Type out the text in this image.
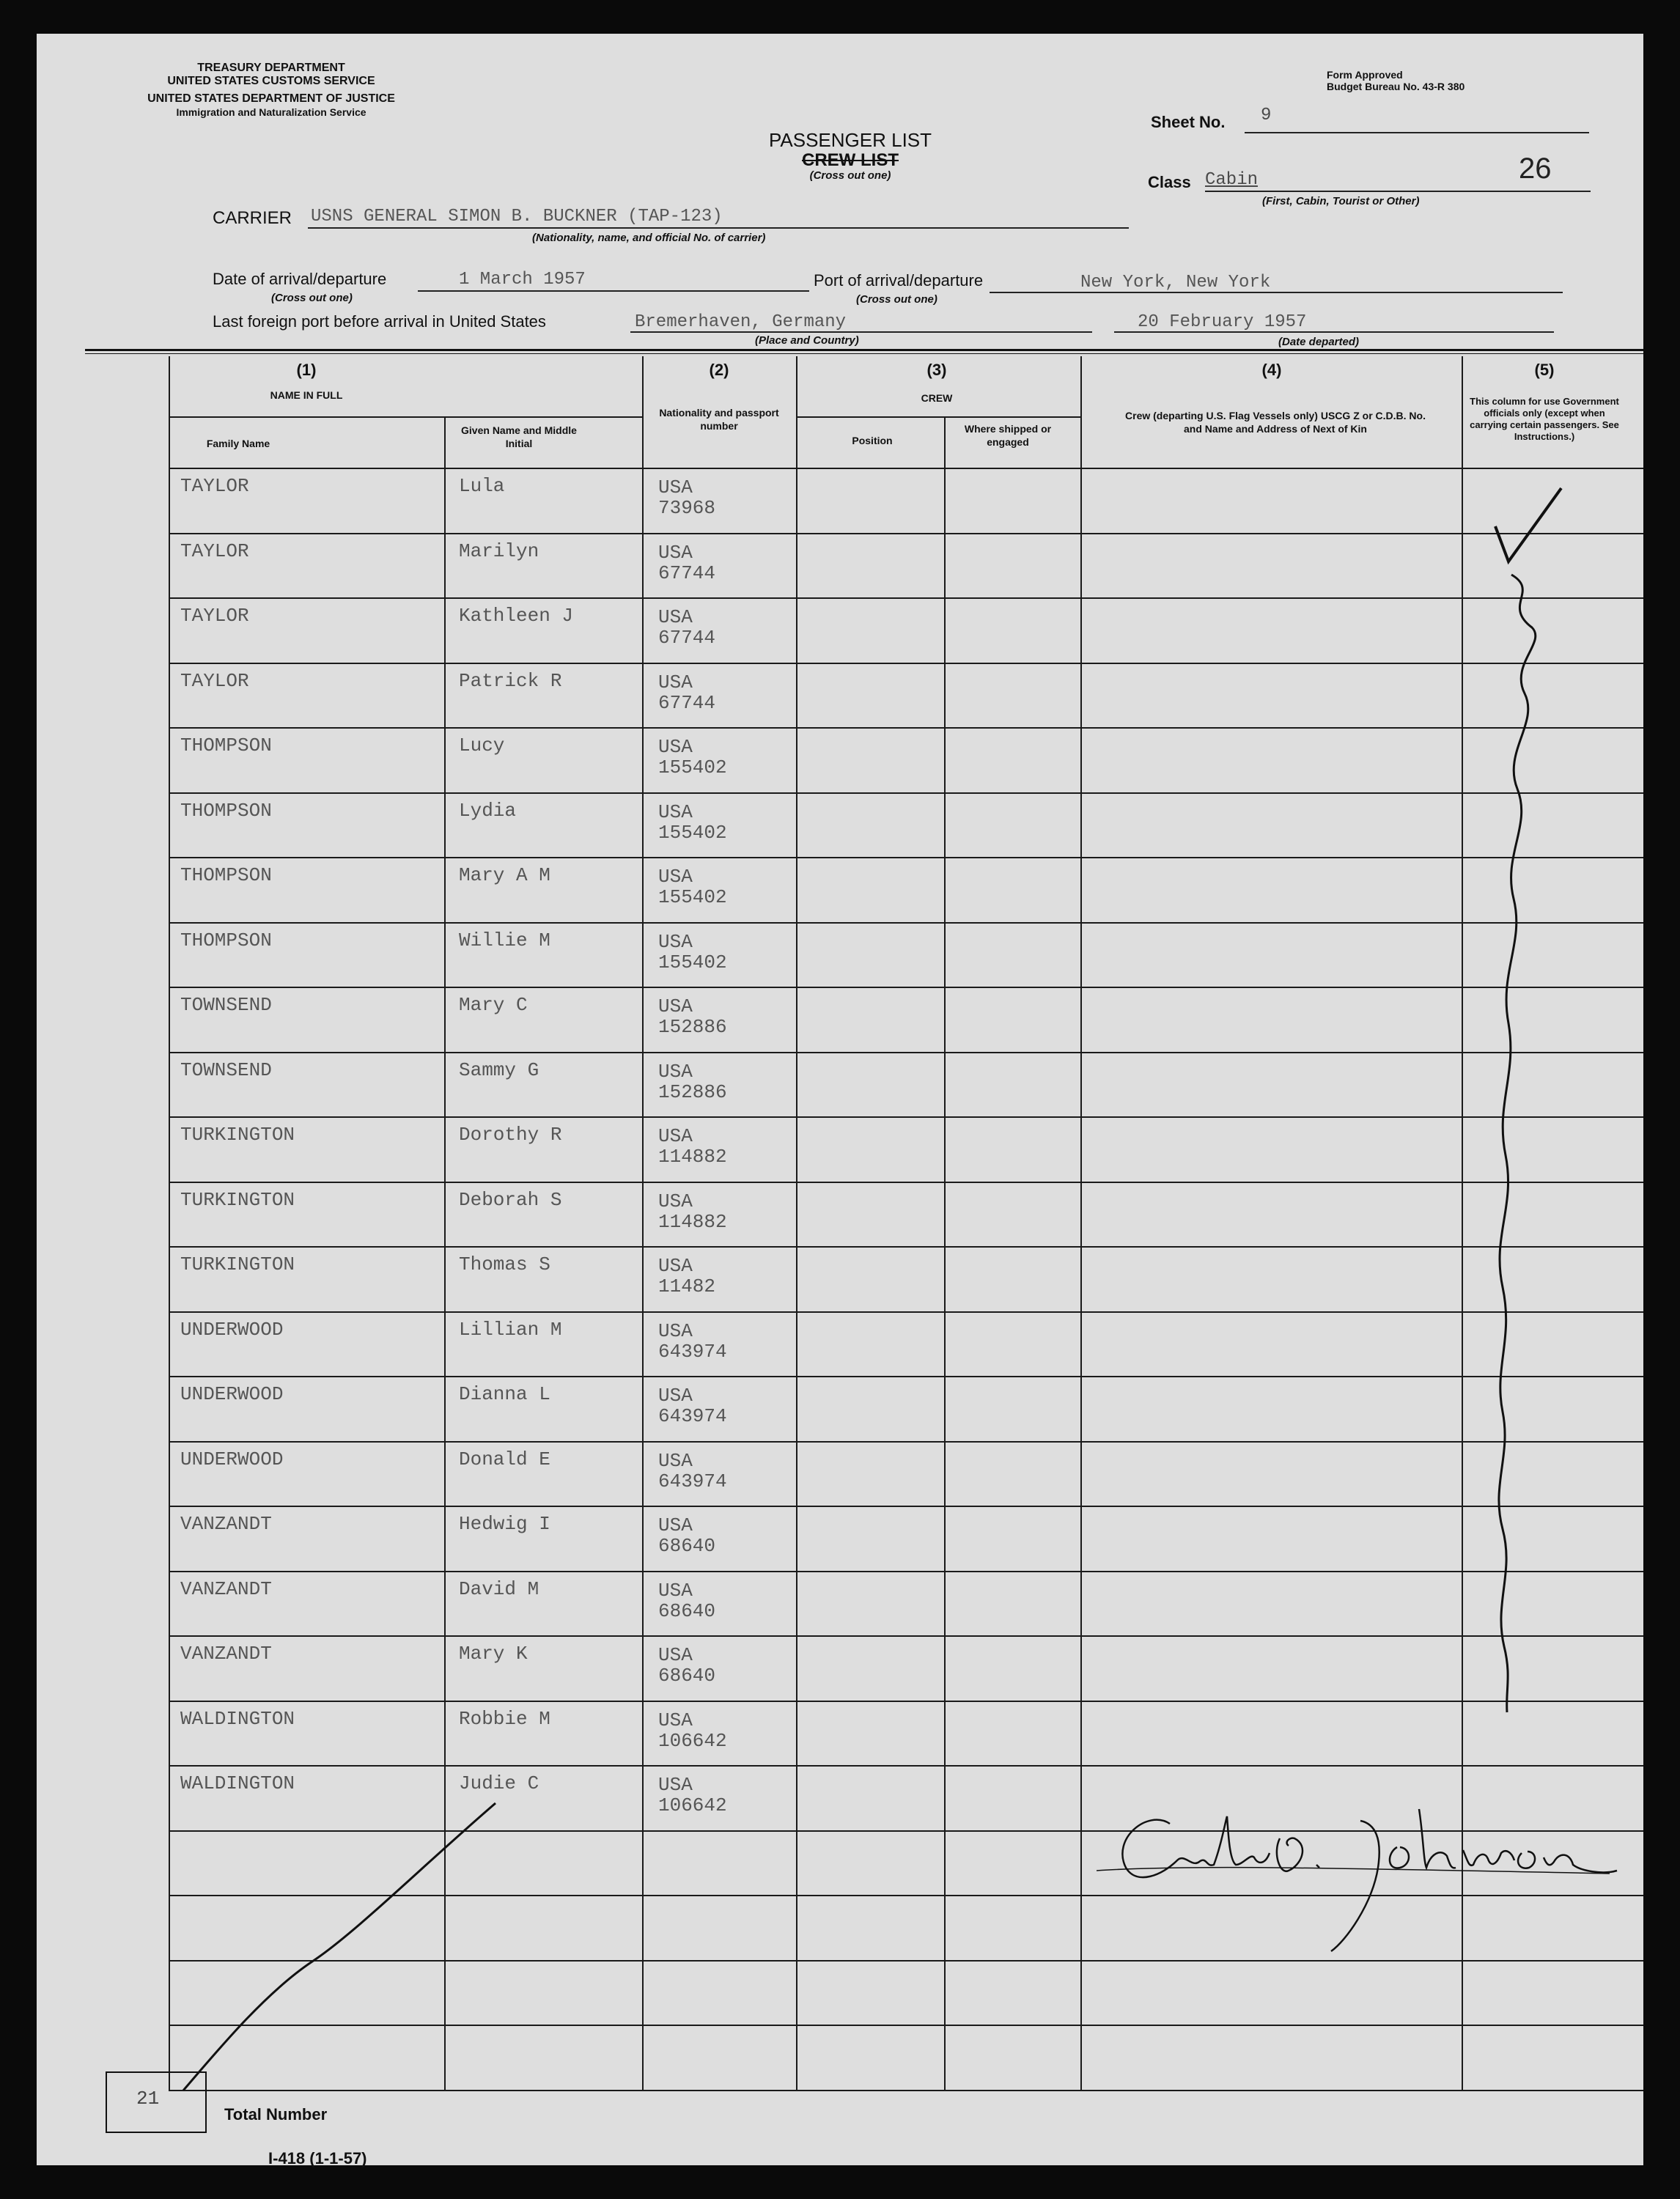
TREASURY DEPARTMENT
UNITED STATES CUSTOMS SERVICE
UNITED STATES DEPARTMENT OF JUSTICE
Immigration and Naturalization Service
Form Approved
Budget Bureau No. 43-R 380
PASSENGER LIST
CREW LIST
(Cross out one)
Sheet No. 9
Class Cabin	26
(First, Cabin, Tourist or Other)
CARRIER USNS GENERAL SIMON B. BUCKNER (TAP-123)
(Nationality, name, and official No. of carrier)
Date of arrival/departure
(Cross out one)
1 March 1957	Port of arrival/departure
(Cross out one)
New York, New York
Last foreign port before arrival in United States	Bremerhaven, Germany
(Place and Country)
20 February 1957
(Date departed)
(1)
NAME IN FULL
Family Name
Given Name and Middle Initial
(2)
Nationality and passport number
(3)
CREW
Position
Where shipped or engaged
(4)
Crew (departing U.S. Flag Vessels only) USCG Z or C.D.B. No. and Name and Address of Next of Kin
(5)
This column for use Government officials only (except when carrying certain passengers. See Instructions.)
TAYLOR	Lula	USA
73968
TAYLOR	Marilyn	USA
67744
TAYLOR	Kathleen J	USA
67744
TAYLOR	Patrick R	USA
67744
THOMPSON	Lucy	USA
155402
THOMPSON	Lydia	USA
155402
THOMPSON	Mary A M	USA
155402
THOMPSON	Willie M	USA
155402
TOWNSEND	Mary C	USA
152886
TOWNSEND	Sammy G	USA
152886
TURKINGTON	Dorothy R	USA
114882
TURKINGTON	Deborah S	USA
114882
TURKINGTON	Thomas S	USA
11482
UNDERWOOD	Lillian M	USA
643974
UNDERWOOD	Dianna L	USA
643974
UNDERWOOD	Donald E	USA
643974
VANZANDT	Hedwig I	USA
68640
VANZANDT	David M	USA
68640
VANZANDT	Mary K	USA
68640
WALDINGTON	Robbie M	USA
106642
WALDINGTON	Judie C	USA
106642
21
Total Number
I-418 (1-1-57)
